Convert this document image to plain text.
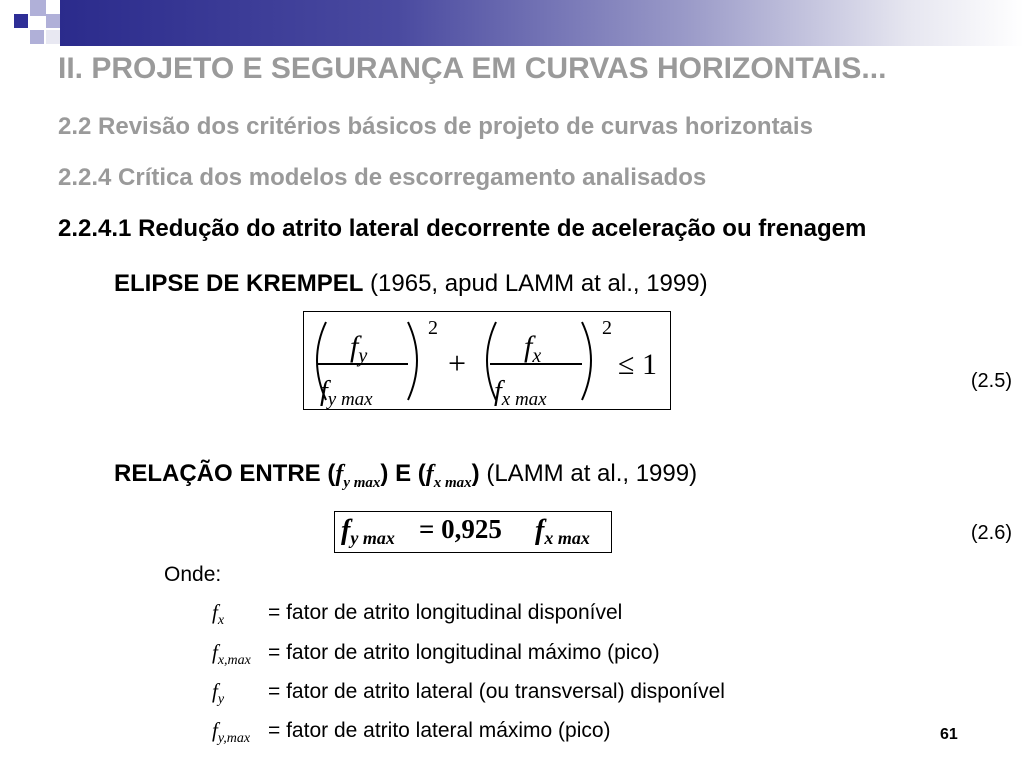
II. PROJETO E SEGURANÇA EM CURVAS HORIZONTAIS...
2.2 Revisão dos critérios básicos de projeto de curvas horizontais
2.2.4 Crítica dos modelos de escorregamento analisados
2.2.4.1 Redução do atrito lateral decorrente de aceleração ou frenagem
ELIPSE DE KREMPEL (1965, apud LAMM at al., 1999)
$f_y$
fy max
2
+ $f_x$
fx max
2
≤ 1	(2.5)
RELAÇÃO ENTRE $(f_{y max})$ E $(f_{x max})$ (LAMM at al., 1999)
fy max = 0,925 fx max	(2.6)
Onde:
$f_x$ = fator de atrito longitudinal disponível
$f_{x,max}$ = fator de atrito longitudinal máximo (pico)
$f_y$ = fator de atrito lateral (ou transversal) disponível
$f_{y,max}$ = fator de atrito lateral máximo (pico)	61
